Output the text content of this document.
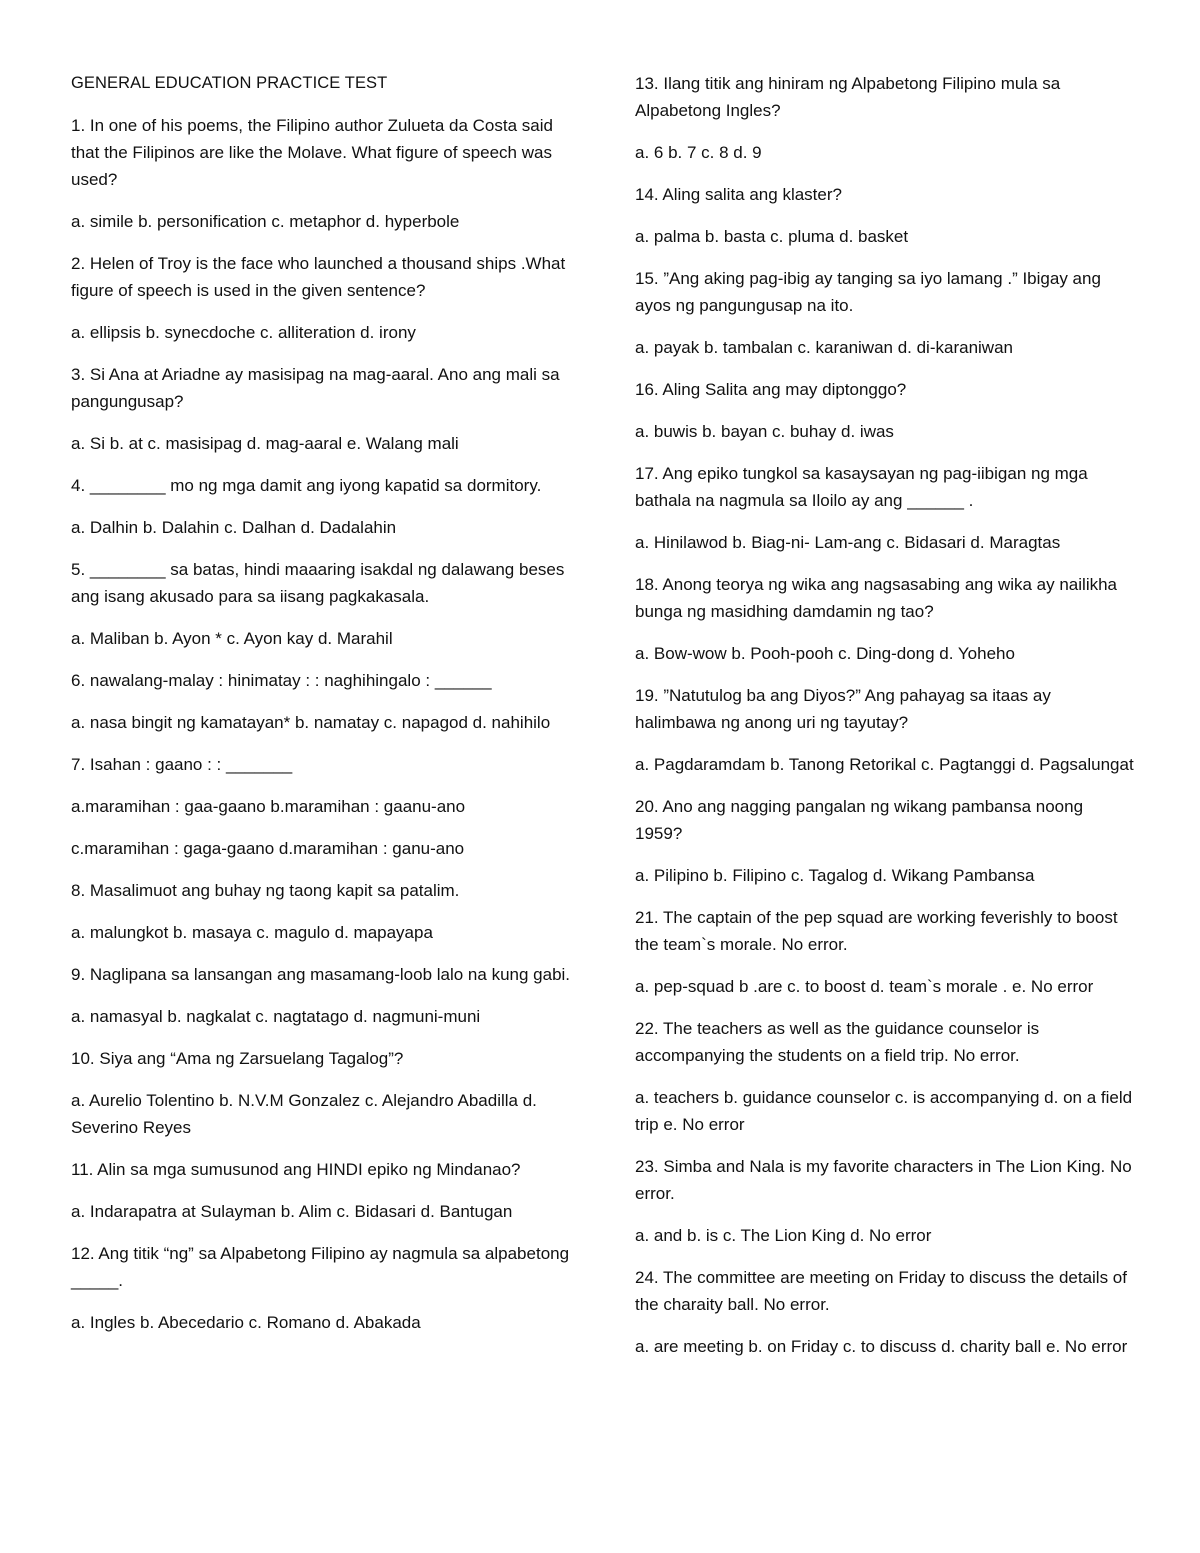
GENERAL EDUCATION PRACTICE TEST

1. In one of his poems, the Filipino author Zulueta da Costa said that the Filipinos are like the Molave. What figure of speech was used?

a. simile b. personification c. metaphor d. hyperbole

2. Helen of Troy is the face who launched a thousand ships .What figure of speech is used in the given sentence?

a. ellipsis b. synecdoche c. alliteration d. irony

3. Si Ana at Ariadne ay masisipag na mag-aaral. Ano ang mali sa pangungusap?

a. Si b. at c. masisipag d. mag-aaral e. Walang mali

4. ________ mo ng mga damit ang iyong kapatid sa dormitory.

a. Dalhin b. Dalahin c. Dalhan d. Dadalahin

5. ________ sa batas, hindi maaaring isakdal ng dalawang beses ang isang akusado para sa iisang pagkakasala.

a. Maliban b. Ayon * c. Ayon kay d. Marahil

6. nawalang-malay : hinimatay : : naghihingalo : ______

a. nasa bingit ng kamatayan* b. namatay c. napagod d. nahihilo

7. Isahan : gaano : : _______

a.maramihan : gaa-gaano b.maramihan : gaanu-ano

c.maramihan : gaga-gaano d.maramihan : ganu-ano

8. Masalimuot ang buhay ng taong kapit sa patalim.

a. malungkot b. masaya c. magulo d. mapayapa

9. Naglipana sa lansangan ang masamang-loob lalo na kung gabi.

a. namasyal b. nagkalat c. nagtatago d. nagmuni-muni

10. Siya ang “Ama ng Zarsuelang Tagalog”?

a. Aurelio Tolentino b. N.V.M Gonzalez c. Alejandro Abadilla d. Severino Reyes

11. Alin sa mga sumusunod ang HINDI epiko ng Mindanao?

a. Indarapatra at Sulayman b. Alim c. Bidasari d. Bantugan

12. Ang titik “ng” sa Alpabetong Filipino ay nagmula sa alpabetong _____.

a. Ingles b. Abecedario c. Romano d. Abakada

13. Ilang titik ang hiniram ng Alpabetong Filipino mula sa Alpabetong Ingles?

a. 6 b. 7 c. 8 d. 9

14. Aling salita ang klaster?

a. palma b. basta c. pluma d. basket

15. ”Ang aking pag-ibig ay tanging sa iyo lamang .” Ibigay ang ayos ng pangungusap na ito.

a. payak b. tambalan c. karaniwan d. di-karaniwan

16. Aling Salita ang may diptonggo?

a. buwis b. bayan c. buhay d. iwas

17. Ang epiko tungkol sa kasaysayan ng pag-iibigan ng mga bathala na nagmula sa Iloilo ay ang ______ .

a. Hinilawod b. Biag-ni- Lam-ang c. Bidasari d. Maragtas

18. Anong teorya ng wika ang nagsasabing ang wika ay nailikha bunga ng masidhing damdamin ng tao?

a. Bow-wow b. Pooh-pooh c. Ding-dong d. Yoheho

19. ”Natutulog ba ang Diyos?” Ang pahayag sa itaas ay halimbawa ng anong uri ng tayutay?

a. Pagdaramdam b. Tanong Retorikal c. Pagtanggi d. Pagsalungat

20. Ano ang nagging pangalan ng wikang pambansa noong 1959?

a. Pilipino b. Filipino c. Tagalog d. Wikang Pambansa

21. The captain of the pep squad are working feverishly to boost the team`s morale. No error.

a. pep-squad b .are c. to boost d. team`s morale . e. No error

22. The teachers as well as the guidance counselor is accompanying the students on a field trip. No error.

a. teachers b. guidance counselor c. is accompanying d. on a field trip e. No error

23. Simba and Nala is my favorite characters in The Lion King. No error.

a. and b. is c. The Lion King d. No error

24. The committee are meeting on Friday to discuss the details of the charaity ball. No error.

a. are meeting b. on Friday c. to discuss d. charity ball e. No error
